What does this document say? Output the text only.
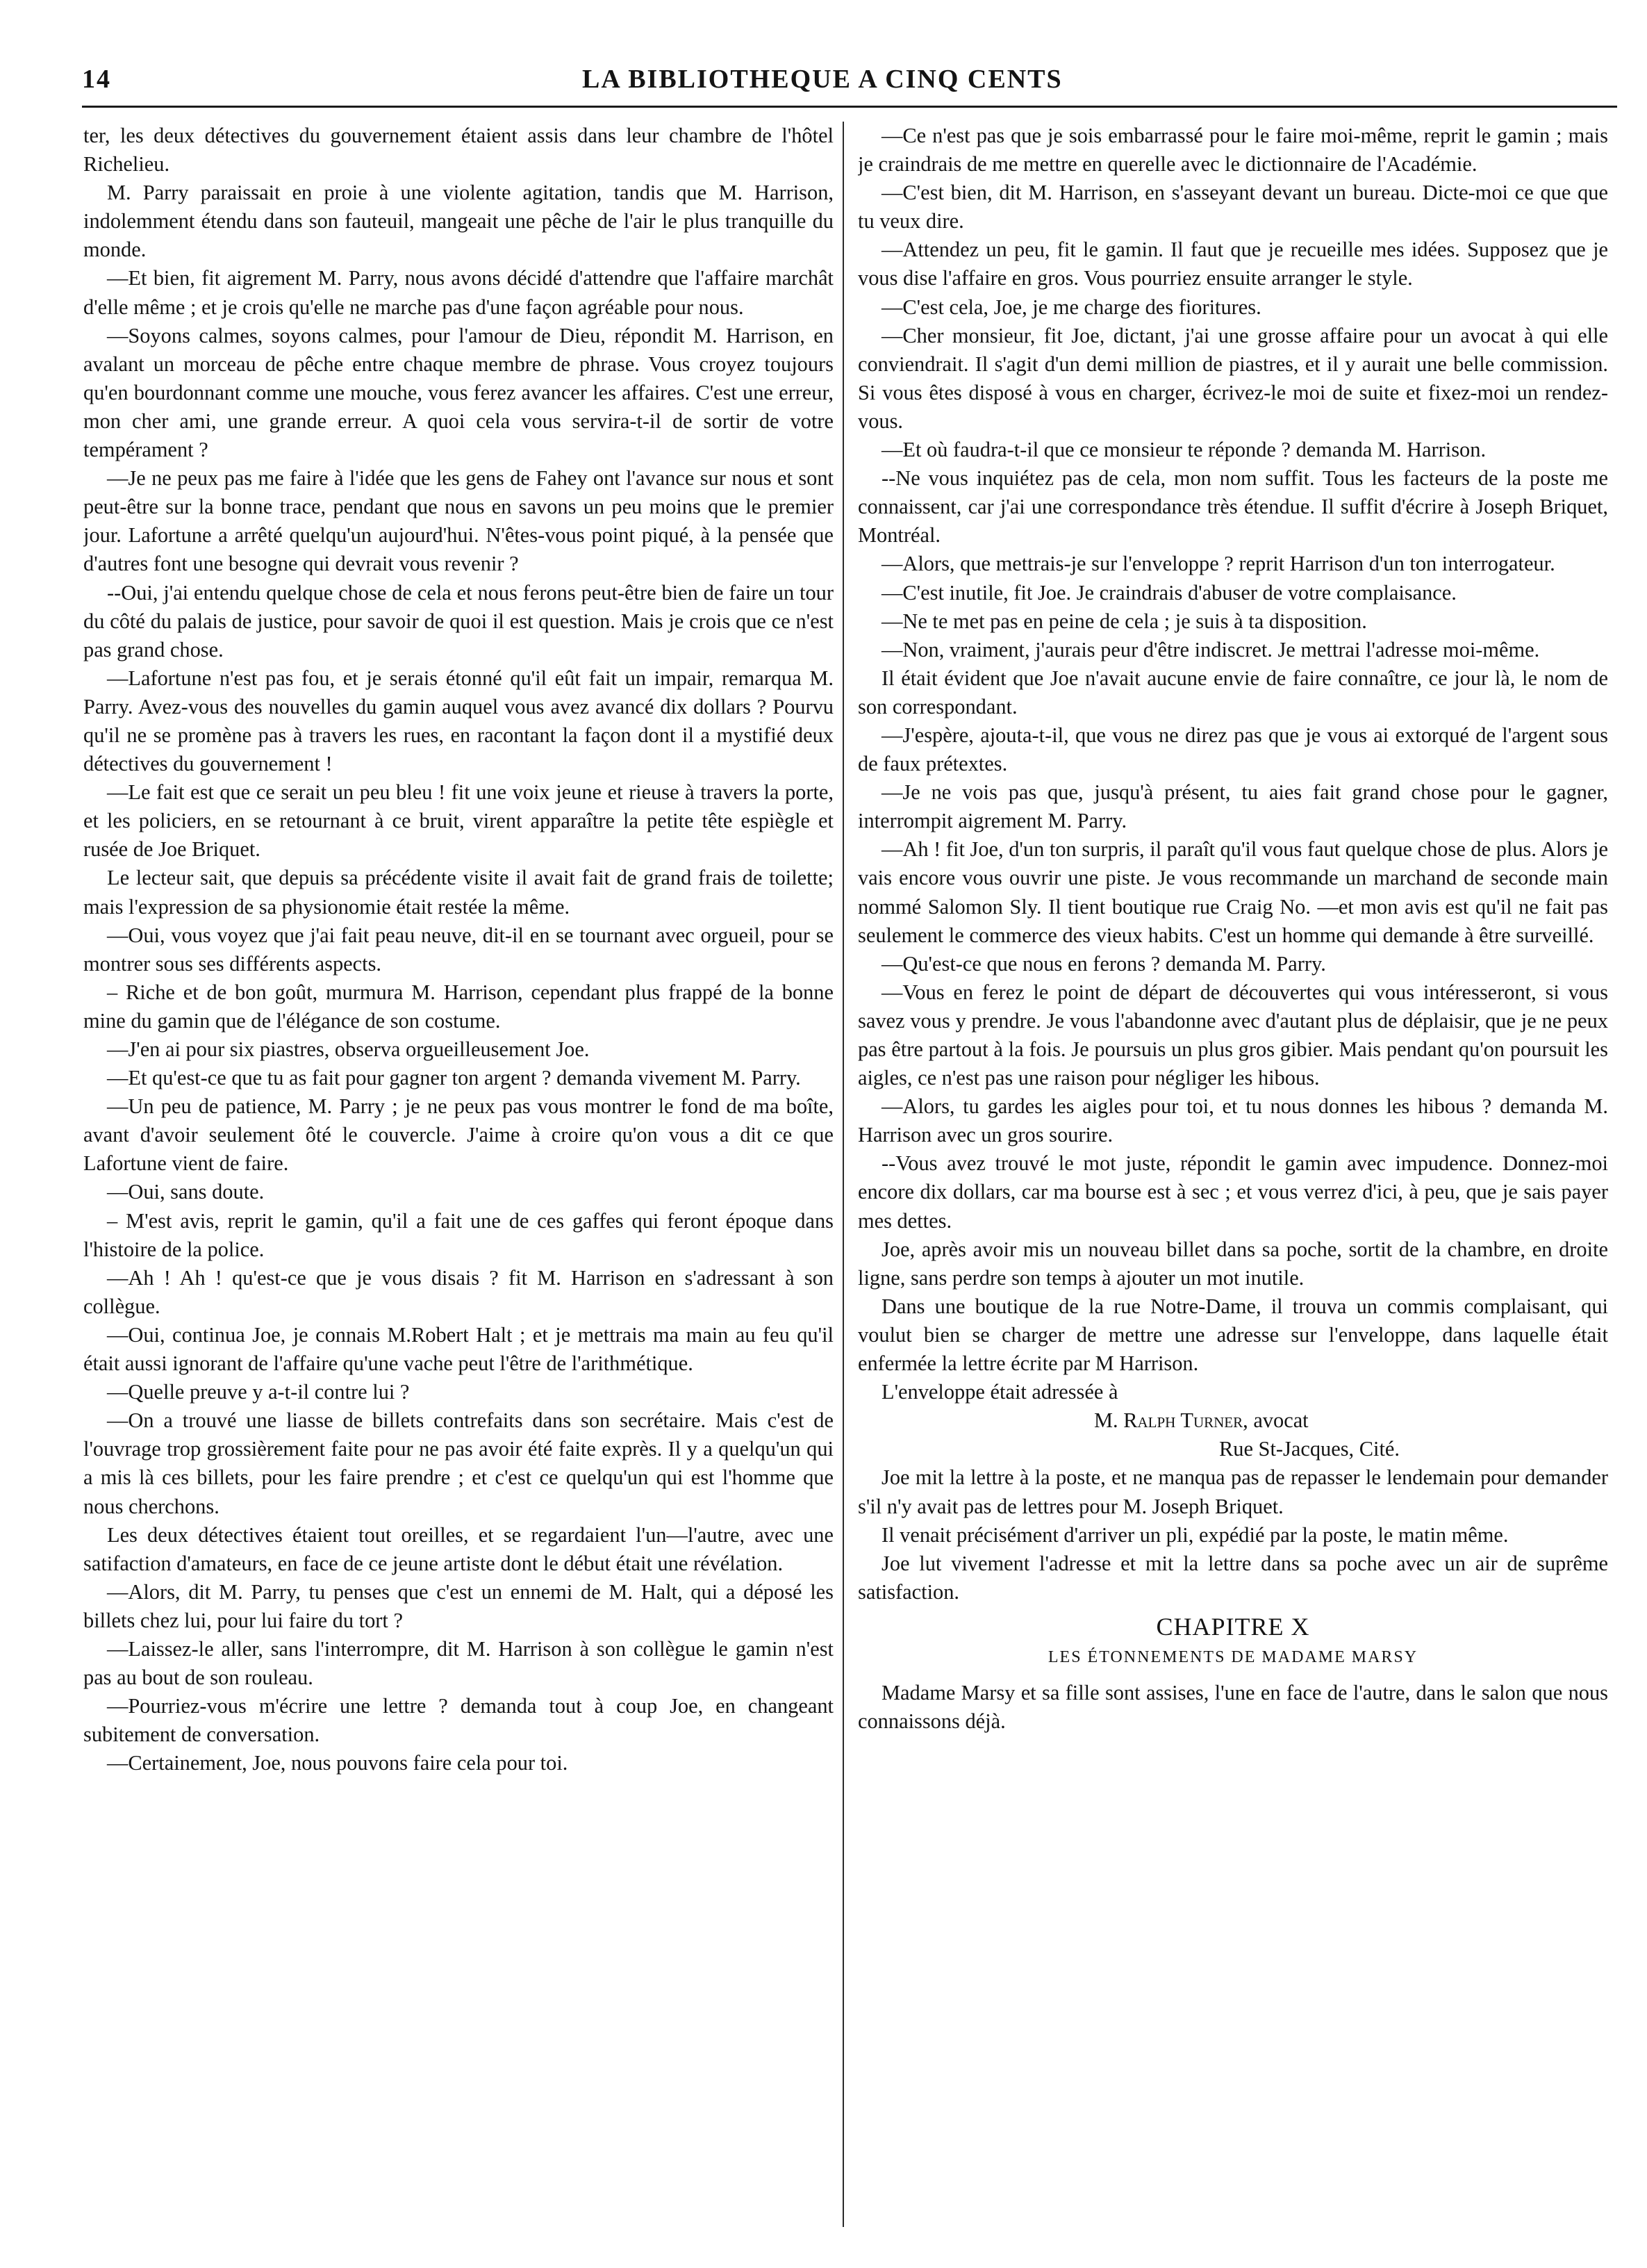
14	LA BIBLIOTHEQUE A CINQ CENTS

ter, les deux détectives du gouvernement étaient assis dans leur chambre de l'hôtel Richelieu.

M. Parry paraissait en proie à une violente agitation, tandis que M. Harrison, indolemment étendu dans son fauteuil, mangeait une pêche de l'air le plus tranquille du monde.

—Et bien, fit aigrement M. Parry, nous avons décidé d'attendre que l'affaire marchât d'elle même ; et je crois qu'elle ne marche pas d'une façon agréable pour nous.

—Soyons calmes, soyons calmes, pour l'amour de Dieu, répondit M. Harrison, en avalant un morceau de pêche entre chaque membre de phrase. Vous croyez toujours qu'en bourdonnant comme une mouche, vous ferez avancer les affaires. C'est une erreur, mon cher ami, une grande erreur. A quoi cela vous servira-t-il de sortir de votre tempérament ?

—Je ne peux pas me faire à l'idée que les gens de Fahey ont l'avance sur nous et sont peut-être sur la bonne trace, pendant que nous en savons un peu moins que le premier jour. Lafortune a arrêté quelqu'un aujourd'hui. N'êtes-vous point piqué, à la pensée que d'autres font une besogne qui devrait vous revenir ?

--Oui, j'ai entendu quelque chose de cela et nous ferons peut-être bien de faire un tour du côté du palais de justice, pour savoir de quoi il est question. Mais je crois que ce n'est pas grand chose.

—Lafortune n'est pas fou, et je serais étonné qu'il eût fait un impair, remarqua M. Parry. Avez-vous des nouvelles du gamin auquel vous avez avancé dix dollars ? Pourvu qu'il ne se promène pas à travers les rues, en racontant la façon dont il a mystifié deux détectives du gouvernement !

—Le fait est que ce serait un peu bleu ! fit une voix jeune et rieuse à travers la porte, et les policiers, en se retournant à ce bruit, virent apparaître la petite tête espiègle et rusée de Joe Briquet.

Le lecteur sait, que depuis sa précédente visite il avait fait de grand frais de toilette; mais l'expression de sa physionomie était restée la même.

—Oui, vous voyez que j'ai fait peau neuve, dit-il en se tournant avec orgueil, pour se montrer sous ses différents aspects.

– Riche et de bon goût, murmura M. Harrison, cependant plus frappé de la bonne mine du gamin que de l'élégance de son costume.

—J'en ai pour six piastres, observa orgueilleusement Joe.

—Et qu'est-ce que tu as fait pour gagner ton argent ? demanda vivement M. Parry.

—Un peu de patience, M. Parry ; je ne peux pas vous montrer le fond de ma boîte, avant d'avoir seulement ôté le couvercle. J'aime à croire qu'on vous a dit ce que Lafortune vient de faire.

—Oui, sans doute.

– M'est avis, reprit le gamin, qu'il a fait une de ces gaffes qui feront époque dans l'histoire de la police.

—Ah ! Ah ! qu'est-ce que je vous disais ? fit M. Harrison en s'adressant à son collègue.

—Oui, continua Joe, je connais M.Robert Halt ; et je mettrais ma main au feu qu'il était aussi ignorant de l'affaire qu'une vache peut l'être de l'arithmétique.

—Quelle preuve y a-t-il contre lui ?

—On a trouvé une liasse de billets contrefaits dans son secrétaire. Mais c'est de l'ouvrage trop grossièrement faite pour ne pas avoir été faite exprès. Il y a quelqu'un qui a mis là ces billets, pour les faire prendre ; et c'est ce quelqu'un qui est l'homme que nous cherchons.

Les deux détectives étaient tout oreilles, et se regardaient l'un—l'autre, avec une satifaction d'amateurs, en face de ce jeune artiste dont le début était une révélation.

—Alors, dit M. Parry, tu penses que c'est un ennemi de M. Halt, qui a déposé les billets chez lui, pour lui faire du tort ?

—Laissez-le aller, sans l'interrompre, dit M. Harrison à son collègue le gamin n'est pas au bout de son rouleau.

—Pourriez-vous m'écrire une lettre ? demanda tout à coup Joe, en changeant subitement de conversation.

—Certainement, Joe, nous pouvons faire cela pour toi.

—Ce n'est pas que je sois embarrassé pour le faire moi-même, reprit le gamin ; mais je craindrais de me mettre en querelle avec le dictionnaire de l'Académie.

—C'est bien, dit M. Harrison, en s'asseyant devant un bureau. Dicte-moi ce que que tu veux dire.

—Attendez un peu, fit le gamin. Il faut que je recueille mes idées. Supposez que je vous dise l'affaire en gros. Vous pourriez ensuite arranger le style.

—C'est cela, Joe, je me charge des fioritures.

—Cher monsieur, fit Joe, dictant, j'ai une grosse affaire pour un avocat à qui elle conviendrait. Il s'agit d'un demi million de piastres, et il y aurait une belle commission. Si vous êtes disposé à vous en charger, écrivez-le moi de suite et fixez-moi un rendez-vous.

—Et où faudra-t-il que ce monsieur te réponde ? demanda M. Harrison.

--Ne vous inquiétez pas de cela, mon nom suffit. Tous les facteurs de la poste me connaissent, car j'ai une correspondance très étendue. Il suffit d'écrire à Joseph Briquet, Montréal.

—Alors, que mettrais-je sur l'enveloppe ? reprit Harrison d'un ton interrogateur.

—C'est inutile, fit Joe. Je craindrais d'abuser de votre complaisance.

—Ne te met pas en peine de cela ; je suis à ta disposition.

—Non, vraiment, j'aurais peur d'être indiscret. Je mettrai l'adresse moi-même.

Il était évident que Joe n'avait aucune envie de faire connaître, ce jour là, le nom de son correspondant.

—J'espère, ajouta-t-il, que vous ne direz pas que je vous ai extorqué de l'argent sous de faux prétextes.

—Je ne vois pas que, jusqu'à présent, tu aies fait grand chose pour le gagner, interrompit aigrement M. Parry.

—Ah ! fit Joe, d'un ton surpris, il paraît qu'il vous faut quelque chose de plus. Alors je vais encore vous ouvrir une piste. Je vous recommande un marchand de seconde main nommé Salomon Sly. Il tient boutique rue Craig No. —et mon avis est qu'il ne fait pas seulement le commerce des vieux habits. C'est un homme qui demande à être surveillé.

—Qu'est-ce que nous en ferons ? demanda M. Parry.

—Vous en ferez le point de départ de découvertes qui vous intéresseront, si vous savez vous y prendre. Je vous l'abandonne avec d'autant plus de déplaisir, que je ne peux pas être partout à la fois. Je poursuis un plus gros gibier. Mais pendant qu'on poursuit les aigles, ce n'est pas une raison pour négliger les hibous.

—Alors, tu gardes les aigles pour toi, et tu nous donnes les hibous ? demanda M. Harrison avec un gros sourire.

--Vous avez trouvé le mot juste, répondit le gamin avec impudence. Donnez-moi encore dix dollars, car ma bourse est à sec ; et vous verrez d'ici, à peu, que je sais payer mes dettes.

Joe, après avoir mis un nouveau billet dans sa poche, sortit de la chambre, en droite ligne, sans perdre son temps à ajouter un mot inutile.

Dans une boutique de la rue Notre-Dame, il trouva un commis complaisant, qui voulut bien se charger de mettre une adresse sur l'enveloppe, dans laquelle était enfermée la lettre écrite par M Harrison.

L'enveloppe était adressée à

M. Ralph Turner, avocat

Rue St-Jacques, Cité.

Joe mit la lettre à la poste, et ne manqua pas de repasser le lendemain pour demander s'il n'y avait pas de lettres pour M. Joseph Briquet.

Il venait précisément d'arriver un pli, expédié par la poste, le matin même.

Joe lut vivement l'adresse et mit la lettre dans sa poche avec un air de suprême satisfaction.

CHAPITRE X
LES ÉTONNEMENTS DE MADAME MARSY

Madame Marsy et sa fille sont assises, l'une en face de l'autre, dans le salon que nous connaissons déjà.
